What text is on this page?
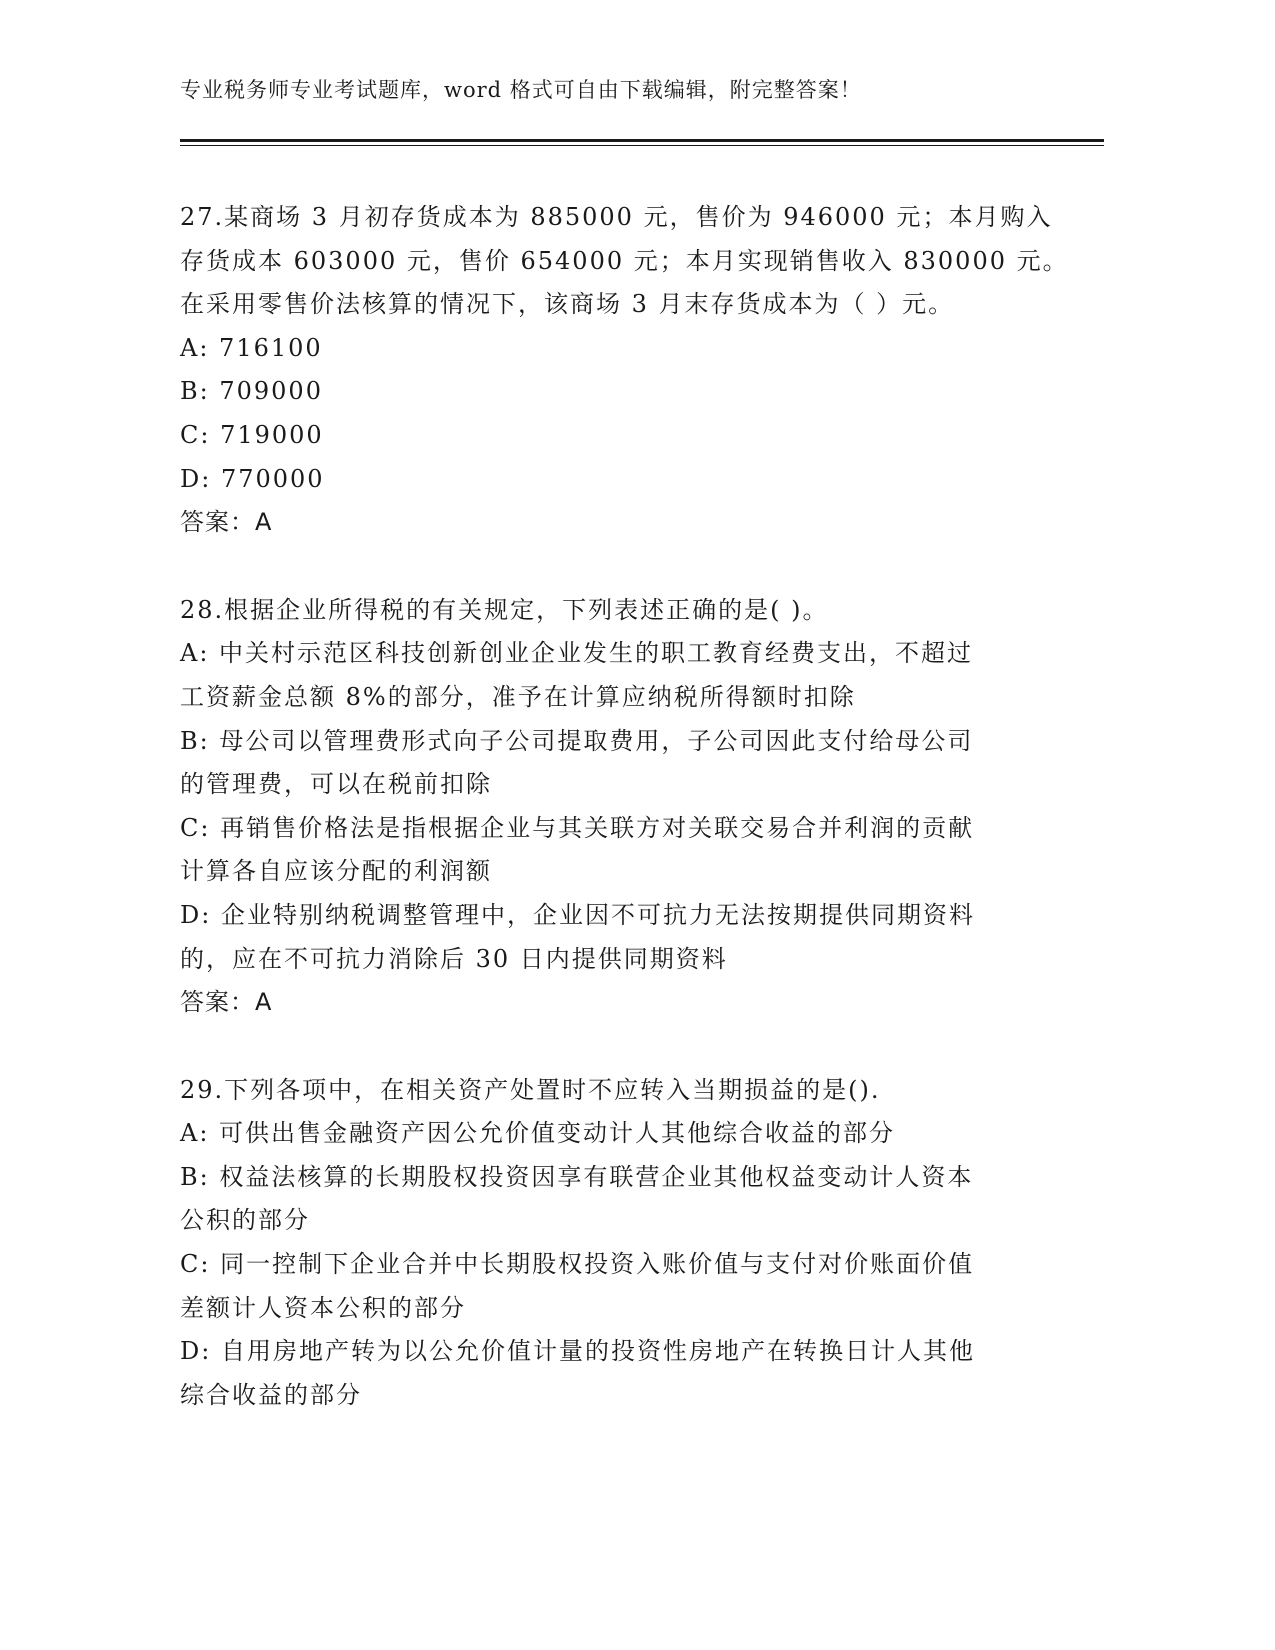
专业税务师专业考试题库，word 格式可自由下载编辑，附完整答案！
27.某商场 3 月初存货成本为 885000 元，售价为 946000 元；本月购入
存货成本 603000 元，售价 654000 元；本月实现销售收入 830000 元。
在采用零售价法核算的情况下，该商场 3 月末存货成本为（ ）元。
A: 716100
B: 709000
C: 719000
D: 770000
答案：A
28.根据企业所得税的有关规定，下列表述正确的是( )。
A: 中关村示范区科技创新创业企业发生的职工教育经费支出，不超过
工资薪金总额 8%的部分，准予在计算应纳税所得额时扣除
B: 母公司以管理费形式向子公司提取费用，子公司因此支付给母公司
的管理费，可以在税前扣除
C: 再销售价格法是指根据企业与其关联方对关联交易合并利润的贡献
计算各自应该分配的利润额
D: 企业特别纳税调整管理中，企业因不可抗力无法按期提供同期资料
的，应在不可抗力消除后 30 日内提供同期资料
答案：A
29.下列各项中，在相关资产处置时不应转入当期损益的是().
A: 可供出售金融资产因公允价值变动计人其他综合收益的部分
B: 权益法核算的长期股权投资因享有联营企业其他权益变动计人资本
公积的部分
C: 同一控制下企业合并中长期股权投资入账价值与支付对价账面价值
差额计人资本公积的部分
D: 自用房地产转为以公允价值计量的投资性房地产在转换日计人其他
综合收益的部分
